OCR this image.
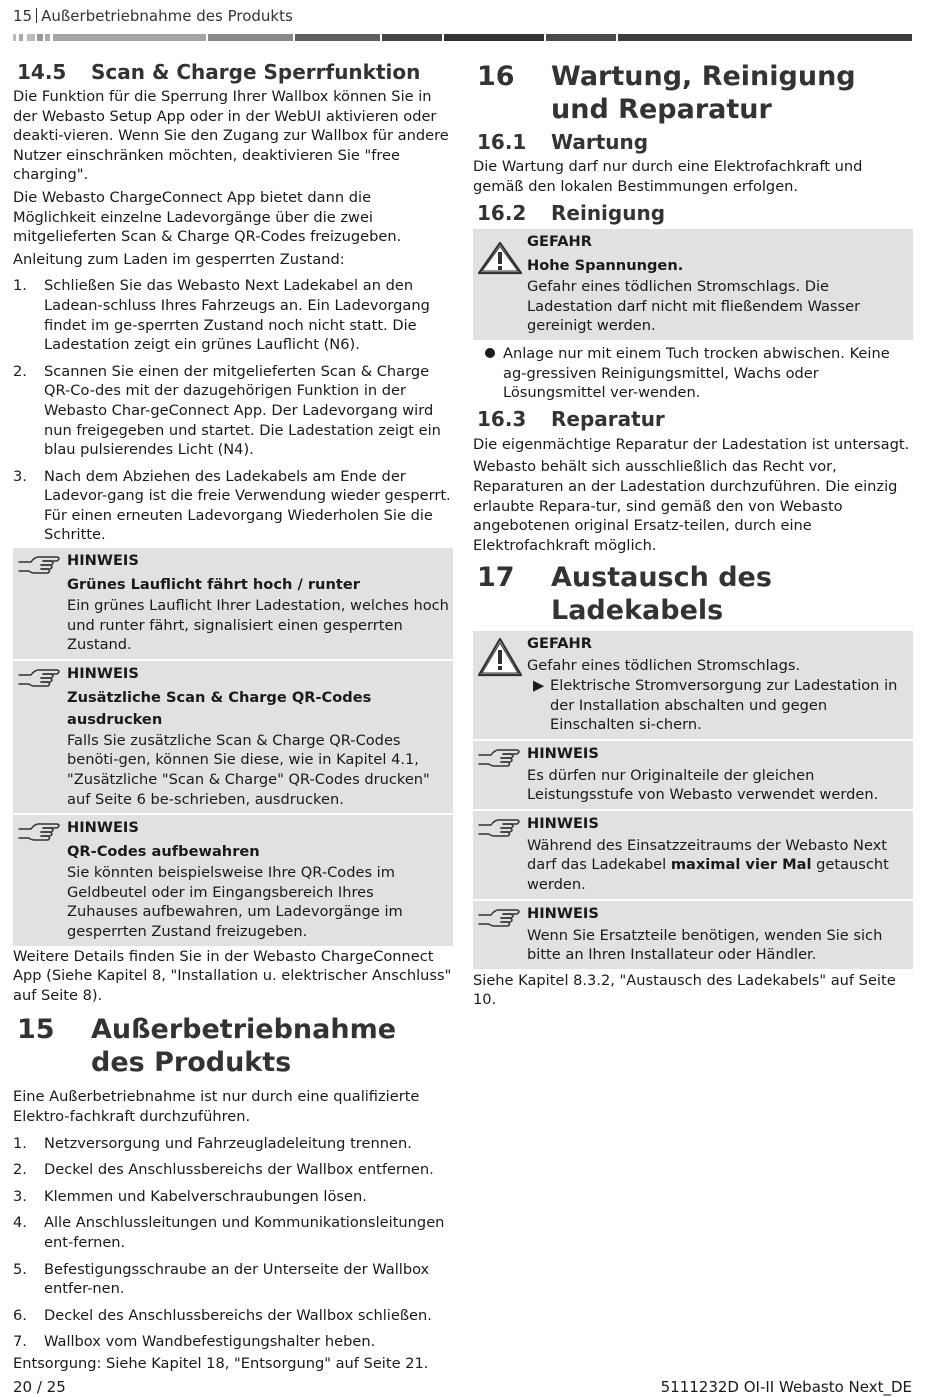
15 Außerbetriebnahme des Produkts
14.5	Scan & Charge Sperrfunktion

Die Funktion für die Sperrung Ihrer Wallbox können Sie in der Webasto Setup App oder in der WebUI aktivieren oder deakti-vieren. Wenn Sie den Zugang zur Wallbox für andere Nutzer einschränken möchten, deaktivieren Sie "free charging".

Die Webasto ChargeConnect App bietet dann die Möglichkeit einzelne Ladevorgänge über die zwei mitgelieferten Scan & Charge QR-Codes freizugeben.

Anleitung zum Laden im gesperrten Zustand:

1.	Schließen Sie das Webasto Next Ladekabel an den Ladean-schluss Ihres Fahrzeugs an. Ein Ladevorgang findet im ge-sperrten Zustand noch nicht statt. Die Ladestation zeigt ein grünes Lauflicht (N6).
2.	Scannen Sie einen der mitgelieferten Scan & Charge QR-Co-des mit der dazugehörigen Funktion in der Webasto Char-geConnect App. Der Ladevorgang wird nun freigegeben und startet. Die Ladestation zeigt ein blau pulsierendes Licht (N4).
3.	Nach dem Abziehen des Ladekabels am Ende der Ladevor-gang ist die freie Verwendung wieder gesperrt. Für einen erneuten Ladevorgang Wiederholen Sie die Schritte.
HINWEIS
Grünes Lauflicht fährt hoch / runter
Ein grünes Lauflicht Ihrer Ladestation, welches hoch und runter fährt, signalisiert einen gesperrten Zustand.
HINWEIS
Zusätzliche Scan & Charge QR-Codes ausdrucken
Falls Sie zusätzliche Scan & Charge QR-Codes benöti-gen, können Sie diese, wie in Kapitel 4.1, "Zusätzliche "Scan & Charge" QR-Codes drucken" auf Seite 6 be-schrieben, ausdrucken.
HINWEIS
QR-Codes aufbewahren
Sie könnten beispielsweise Ihre QR-Codes im Geldbeutel oder im Eingangsbereich Ihres Zuhauses aufbewahren, um Ladevorgänge im gesperrten Zustand freizugeben.

Weitere Details finden Sie in der Webasto ChargeConnect App (Siehe Kapitel 8, "Installation u. elektrischer Anschluss" auf Seite 8).

15	Außerbetriebnahme des Produkts

Eine Außerbetriebnahme ist nur durch eine qualifizierte Elektro-fachkraft durchzuführen.

1.	Netzversorgung und Fahrzeugladeleitung trennen.
2.	Deckel des Anschlussbereichs der Wallbox entfernen.
3.	Klemmen und Kabelverschraubungen lösen.
4.	Alle Anschlussleitungen und Kommunikationsleitungen ent-fernen.
5.	Befestigungsschraube an der Unterseite der Wallbox entfer-nen.
6.	Deckel des Anschlussbereichs der Wallbox schließen.
7.	Wallbox vom Wandbefestigungshalter heben.

Entsorgung: Siehe Kapitel 18, "Entsorgung" auf Seite 21.

16	Wartung, Reinigung und Reparatur
16.1	Wartung

Die Wartung darf nur durch eine Elektrofachkraft und gemäß den lokalen Bestimmungen erfolgen.

16.2	Reinigung
GEFAHR
Hohe Spannungen.
Gefahr eines tödlichen Stromschlags. Die Ladestation darf nicht mit fließendem Wasser gereinigt werden.
Anlage nur mit einem Tuch trocken abwischen. Keine ag-gressiven Reinigungsmittel, Wachs oder Lösungsmittel ver-wenden.
16.3	Reparatur

Die eigenmächtige Reparatur der Ladestation ist untersagt.

Webasto behält sich ausschließlich das Recht vor, Reparaturen an der Ladestation durchzuführen. Die einzig erlaubte Repara-tur, sind gemäß den von Webasto angebotenen original Ersatz-teilen, durch eine Elektrofachkraft möglich.

17	Austausch des Ladekabels
GEFAHR
Gefahr eines tödlichen Stromschlags.
▶ Elektrische Stromversorgung zur Ladestation in der Installation abschalten und gegen Einschalten si-chern.
HINWEIS
Es dürfen nur Originalteile der gleichen Leistungsstufe von Webasto verwendet werden.
HINWEIS
Während des Einsatzzeitraums der Webasto Next darf das Ladekabel maximal vier Mal getauscht werden.
HINWEIS
Wenn Sie Ersatzteile benötigen, wenden Sie sich bitte an Ihren Installateur oder Händler.

Siehe Kapitel 8.3.2, "Austausch des Ladekabels" auf Seite 10.

20 / 25	5111232D OI-II Webasto Next_DE
